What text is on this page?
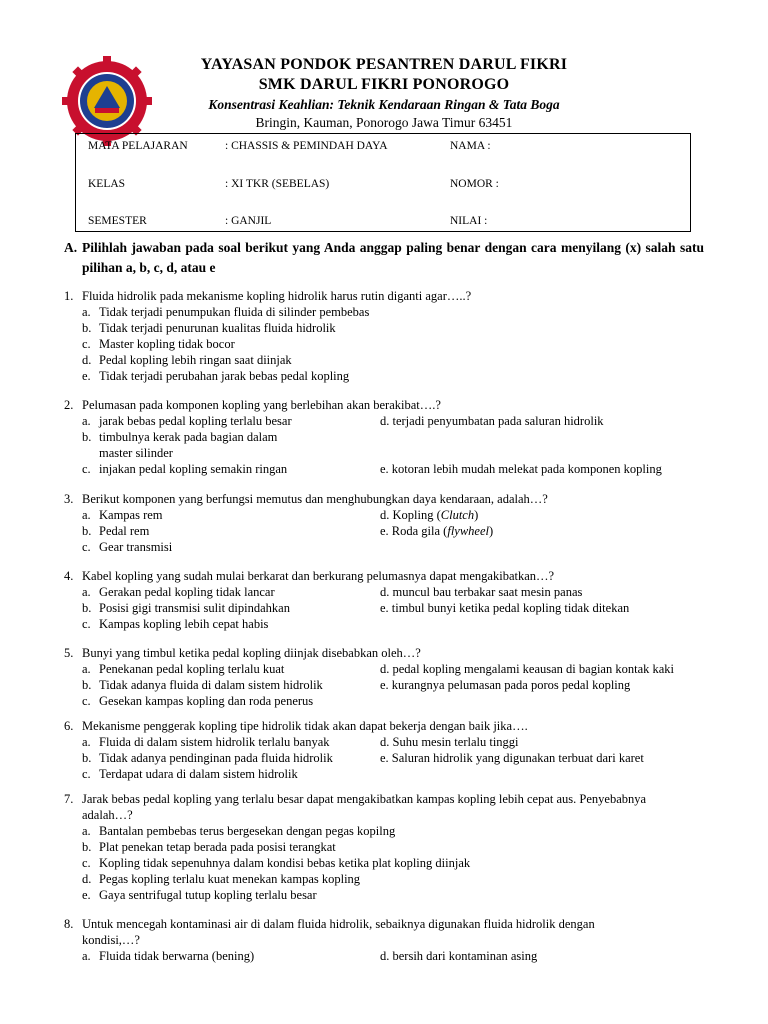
YAYASAN PONDOK PESANTREN DARUL FIKRI
SMK DARUL FIKRI PONOROGO
Konsentrasi Keahlian: Teknik Kendaraan Ringan & Tata Boga
Bringin, Kauman, Ponorogo Jawa Timur 63451
MATA PELAJARAN	: CHASSIS & PEMINDAH DAYA	NAMA :
KELAS	: XI TKR (SEBELAS)	NOMOR :
SEMESTER	: GANJIL	NILAI :
A. Pilihlah jawaban pada soal berikut yang Anda anggap paling benar dengan cara menyilang (x) salah satu pilihan a, b, c, d, atau e
1. Fluida hidrolik pada mekanisme kopling hidrolik harus rutin diganti agar…..?
a. Tidak terjadi penumpukan fluida di silinder pembebas
b. Tidak terjadi penurunan kualitas fluida hidrolik
c. Master kopling tidak bocor
d. Pedal kopling lebih ringan saat diinjak
e. Tidak terjadi perubahan jarak bebas pedal kopling
2. Pelumasan pada komponen kopling yang berlebihan akan berakibat….?
a. jarak bebas pedal kopling terlalu besar	d. terjadi penyumbatan pada saluran hidrolik
b. timbulnya kerak pada bagian dalam
master silinder
c. injakan pedal kopling semakin ringan	e. kotoran lebih mudah melekat pada komponen kopling
3. Berikut komponen yang berfungsi memutus dan menghubungkan daya kendaraan, adalah…?
a. Kampas rem	d. Kopling (Clutch)
b. Pedal rem	e. Roda gila (flywheel)
c. Gear transmisi
4. Kabel kopling yang sudah mulai berkarat dan berkurang pelumasnya dapat mengakibatkan…?
a. Gerakan pedal kopling tidak lancar	d. muncul bau terbakar saat mesin panas
b. Posisi gigi transmisi sulit dipindahkan	e. timbul bunyi ketika pedal kopling tidak ditekan
c. Kampas kopling lebih cepat habis
5. Bunyi yang timbul ketika pedal kopling diinjak disebabkan oleh…?
a. Penekanan pedal kopling terlalu kuat	d. pedal kopling mengalami keausan di bagian kontak kaki
b. Tidak adanya fluida di dalam sistem hidrolik	e. kurangnya pelumasan pada poros pedal kopling
c. Gesekan kampas kopling dan roda penerus
6. Mekanisme penggerak kopling tipe hidrolik tidak akan dapat bekerja dengan baik jika….
a. Fluida di dalam sistem hidrolik terlalu banyak	d. Suhu mesin terlalu tinggi
b. Tidak adanya pendinginan pada fluida hidrolik	e. Saluran hidrolik yang digunakan terbuat dari karet
c. Terdapat udara di dalam sistem hidrolik
7. Jarak bebas pedal kopling yang terlalu besar dapat mengakibatkan kampas kopling lebih cepat aus. Penyebabnya
adalah…?
a. Bantalan pembebas terus bergesekan dengan pegas kopilng
b. Plat penekan tetap berada pada posisi terangkat
c. Kopling tidak sepenuhnya dalam kondisi bebas ketika plat kopling diinjak
d. Pegas kopling terlalu kuat menekan kampas kopling
e. Gaya sentrifugal tutup kopling terlalu besar
8. Untuk mencegah kontaminasi air di dalam fluida hidrolik, sebaiknya digunakan fluida hidrolik dengan
kondisi,…?
a. Fluida tidak berwarna (bening)	d. bersih dari kontaminan asing
